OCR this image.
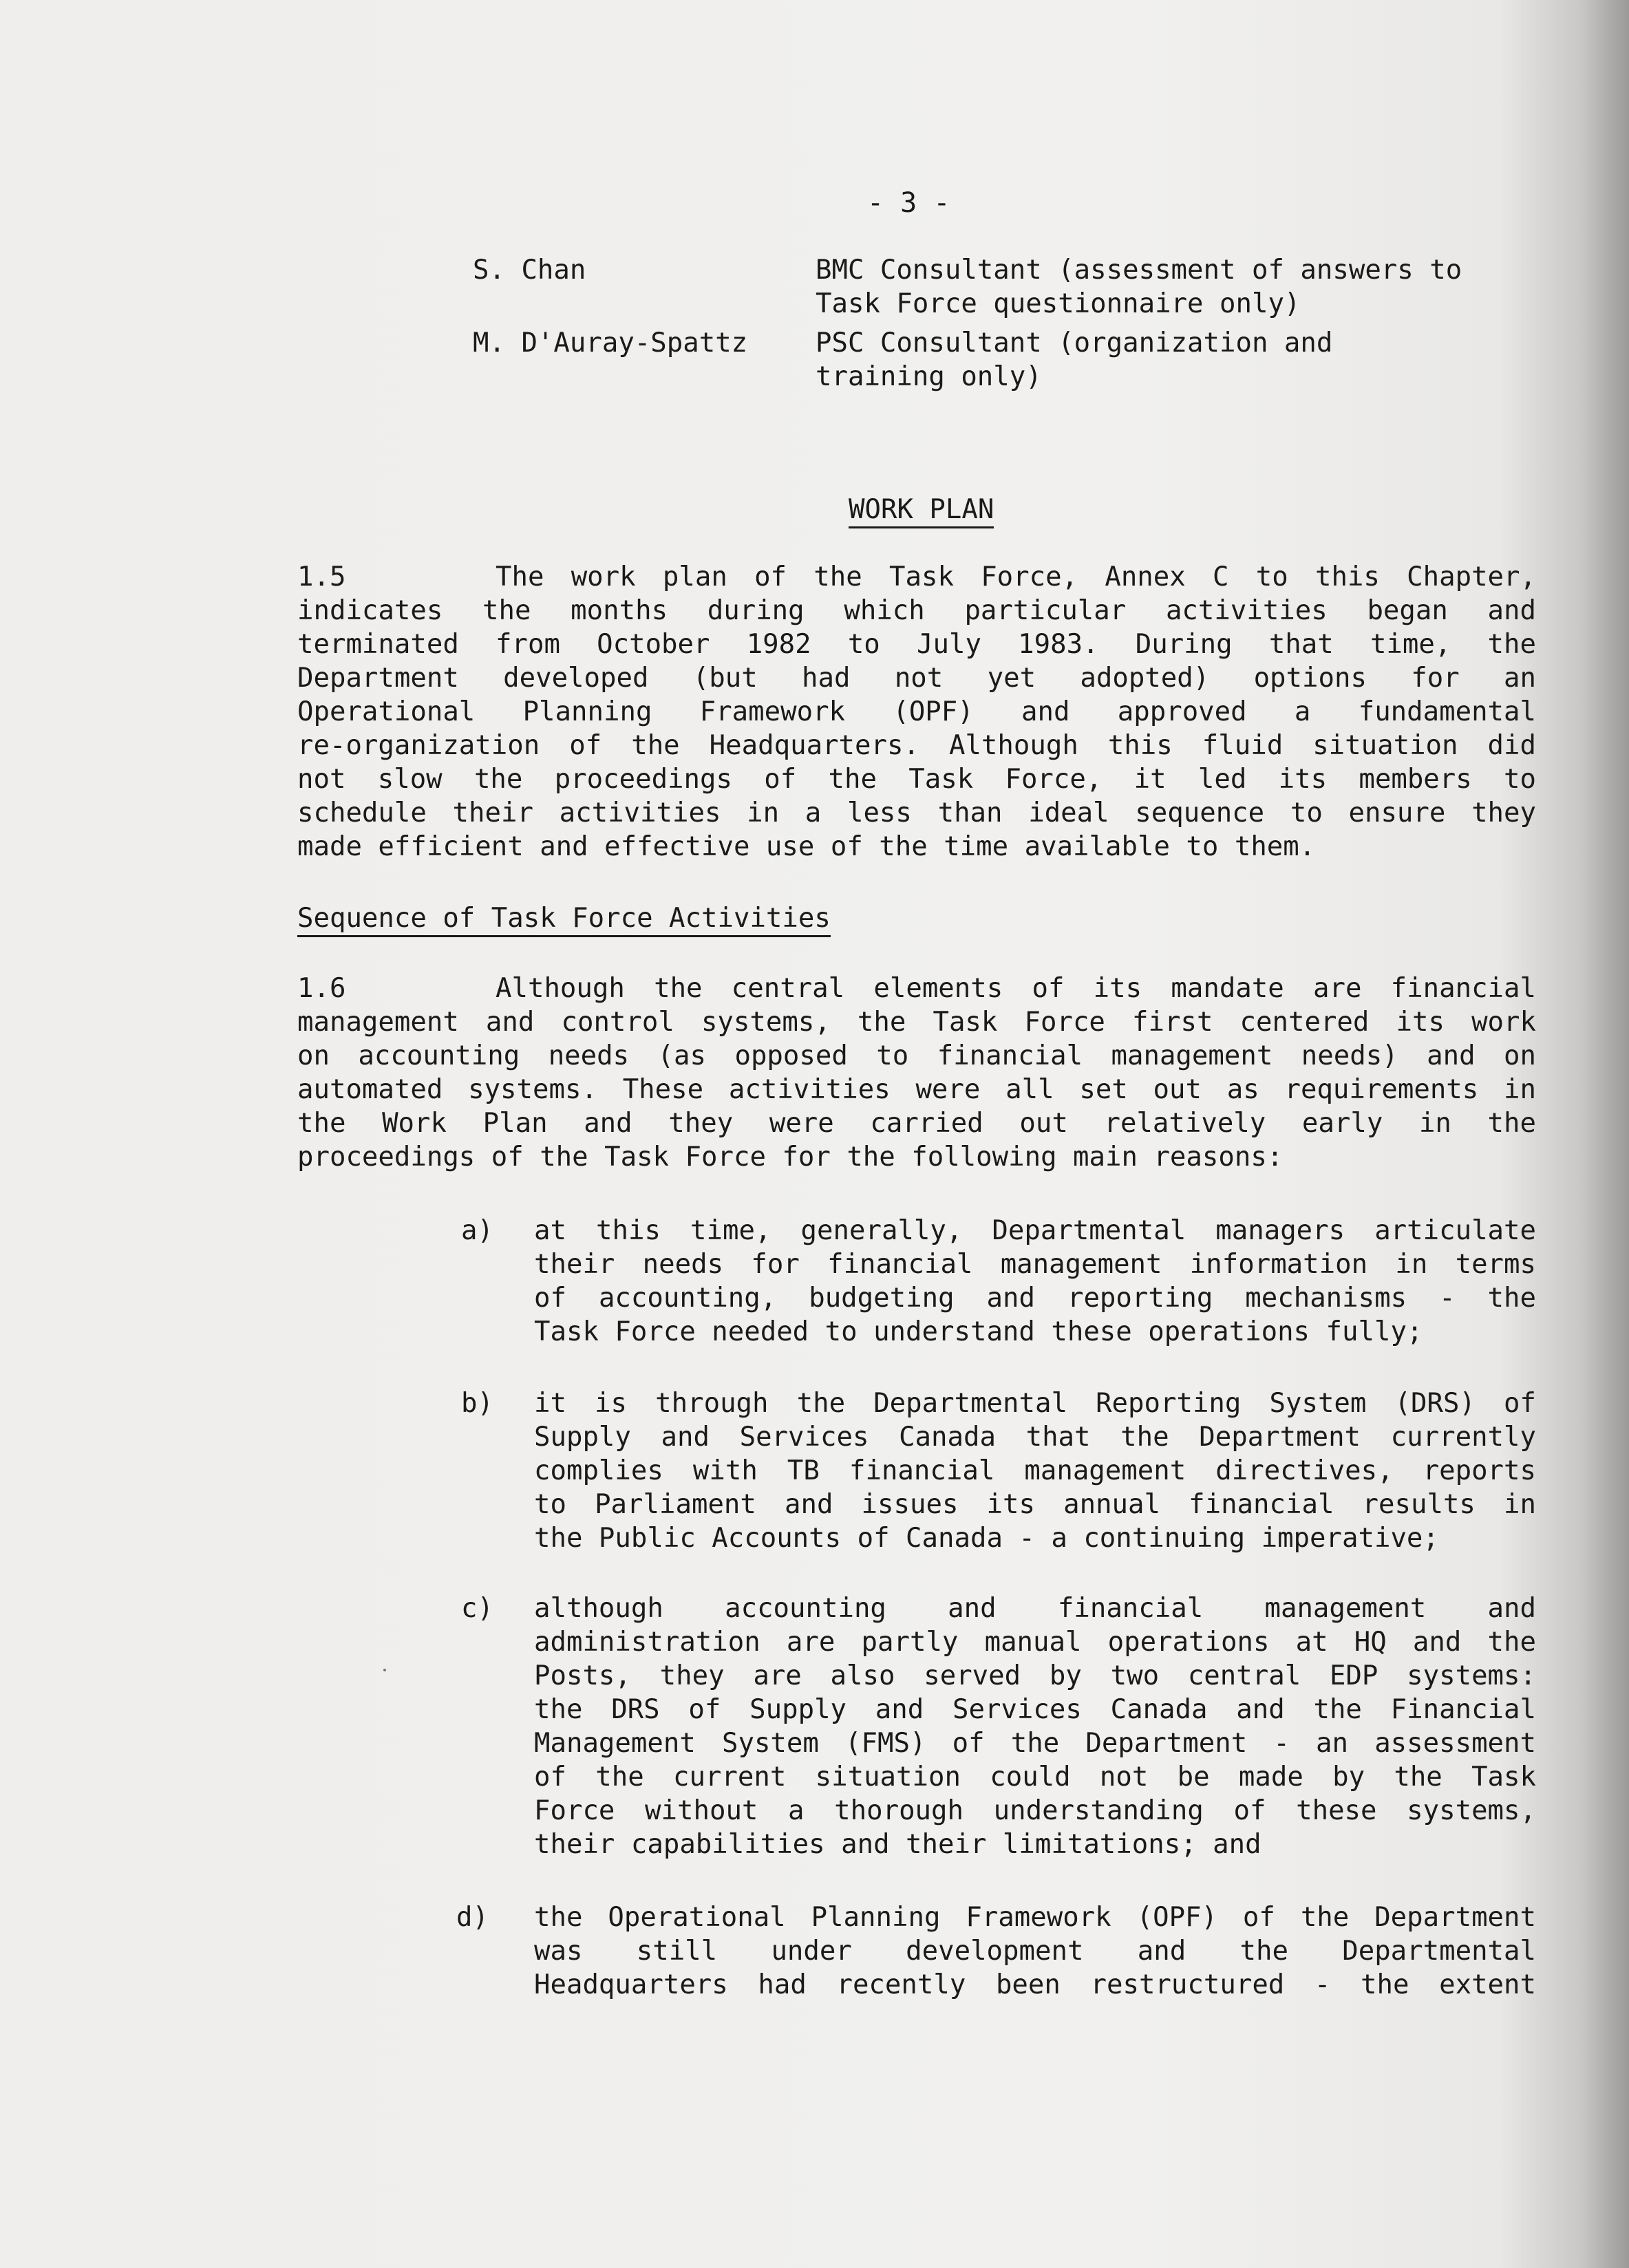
- 3 -
S. Chan	BMC Consultant (assessment of answers to
Task Force questionnaire only)
M. D'Auray-Spattz	PSC Consultant (organization and
training only)
WORK PLAN
1.5	The work plan of the Task Force, Annex C to this Chapter,
indicates the months during which particular activities began and
terminated from October 1982 to July 1983. During that time, the
Department developed (but had not yet adopted) options for an
Operational Planning Framework (OPF) and approved a fundamental
re-organization of the Headquarters. Although this fluid situation did
not slow the proceedings of the Task Force, it led its members to
schedule their activities in a less than ideal sequence to ensure they
made efficient and effective use of the time available to them.
Sequence of Task Force Activities
1.6	Although the central elements of its mandate are financial
management and control systems, the Task Force first centered its work
on accounting needs (as opposed to financial management needs) and on
automated systems. These activities were all set out as requirements in
the Work Plan and they were carried out relatively early in the
proceedings of the Task Force for the following main reasons:
a) at this time, generally, Departmental managers articulate
their needs for financial management information in terms
of accounting, budgeting and reporting mechanisms - the
Task Force needed to understand these operations fully;
b) it is through the Departmental Reporting System (DRS) of
Supply and Services Canada that the Department currently
complies with TB financial management directives, reports
to Parliament and issues its annual financial results in
the Public Accounts of Canada - a continuing imperative;
c) although accounting and financial management and
administration are partly manual operations at HQ and the
Posts, they are also served by two central EDP systems:
the DRS of Supply and Services Canada and the Financial
Management System (FMS) of the Department - an assessment
of the current situation could not be made by the Task
Force without a thorough understanding of these systems,
their capabilities and their limitations; and
d) the Operational Planning Framework (OPF) of the Department
was still under development and the Departmental
Headquarters had recently been restructured - the extent
